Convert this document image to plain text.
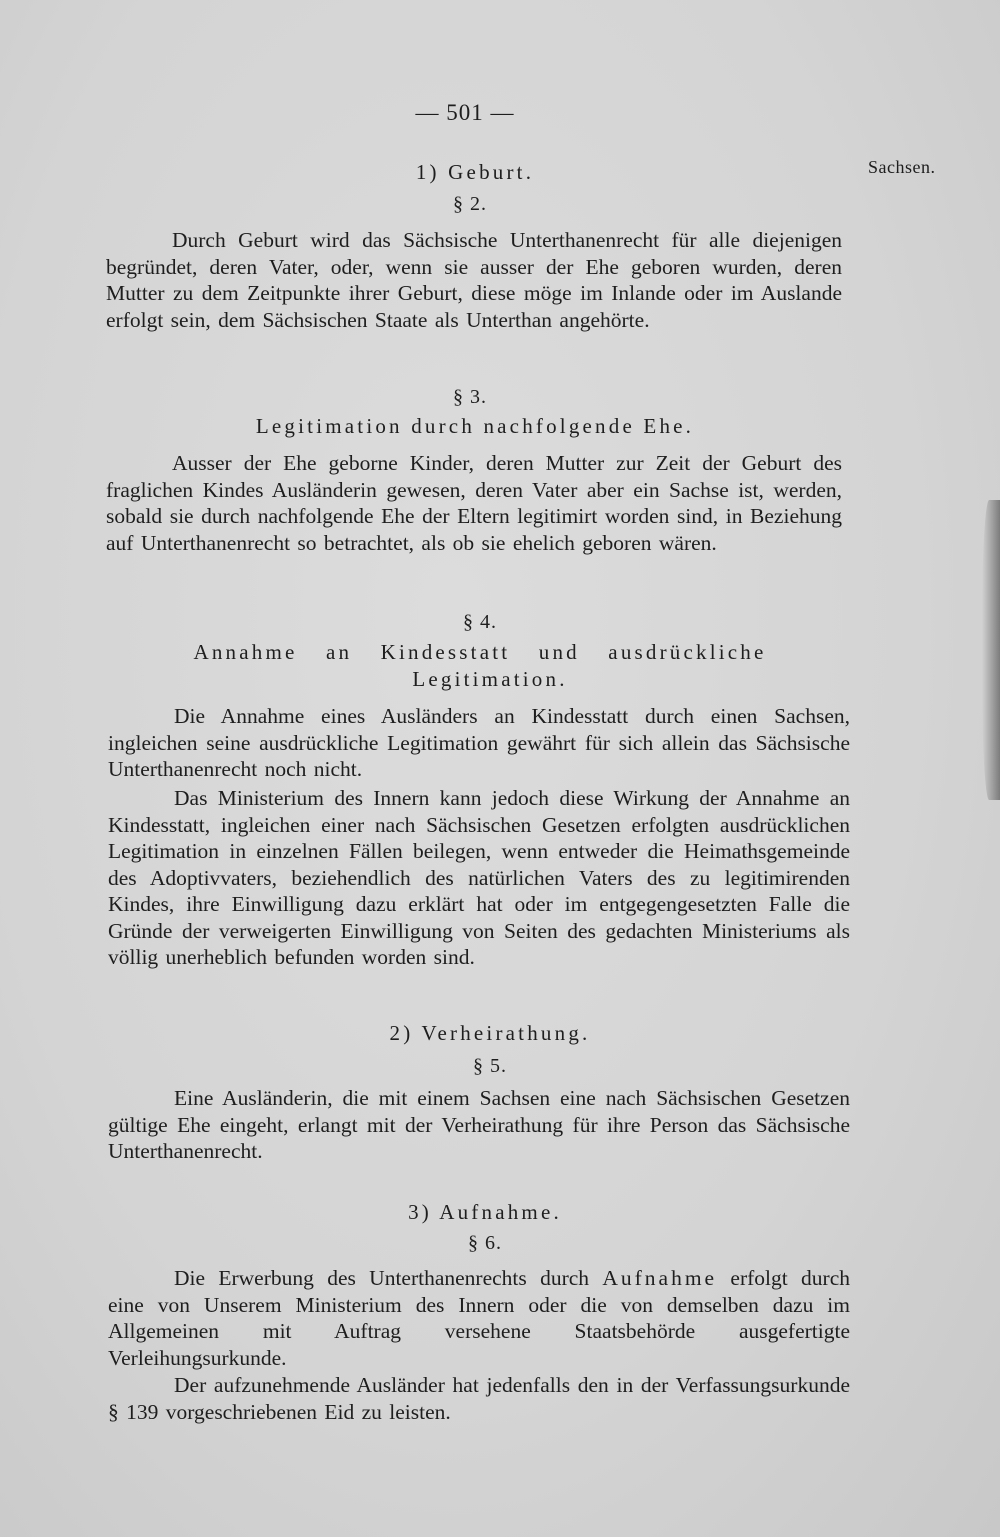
— 501 —
Sachsen.
1) Geburt.
§ 2.
Durch Geburt wird das Sächsische Unterthanenrecht für alle diejenigen begründet, deren Vater, oder, wenn sie ausser der Ehe geboren wurden, deren Mutter zu dem Zeitpunkte ihrer Geburt, diese möge im Inlande oder im Auslande erfolgt sein, dem Sächsischen Staate als Unterthan angehörte.
§ 3.
Legitimation durch nachfolgende Ehe.
Ausser der Ehe geborne Kinder, deren Mutter zur Zeit der Geburt des fraglichen Kindes Ausländerin gewesen, deren Vater aber ein Sachse ist, werden, sobald sie durch nachfolgende Ehe der Eltern legitimirt worden sind, in Beziehung auf Unterthanenrecht so betrachtet, als ob sie ehelich geboren wären.
§ 4.
Annahme an Kindesstatt und ausdrückliche
Legitimation.
Die Annahme eines Ausländers an Kindesstatt durch einen Sachsen, ingleichen seine ausdrückliche Legitimation gewährt für sich allein das Sächsische Unterthanenrecht noch nicht.
Das Ministerium des Innern kann jedoch diese Wirkung der Annahme an Kindesstatt, ingleichen einer nach Sächsischen Gesetzen erfolgten ausdrücklichen Legitimation in einzelnen Fällen beilegen, wenn entweder die Heimathsgemeinde des Adoptivvaters, beziehendlich des natürlichen Vaters des zu legitimirenden Kindes, ihre Einwilligung dazu erklärt hat oder im entgegengesetzten Falle die Gründe der verweigerten Einwilligung von Seiten des gedachten Ministeriums als völlig unerheblich befunden worden sind.
2) Verheirathung.
§ 5.
Eine Ausländerin, die mit einem Sachsen eine nach Sächsischen Gesetzen gültige Ehe eingeht, erlangt mit der Verheirathung für ihre Person das Sächsische Unterthanenrecht.
3) Aufnahme.
§ 6.
Die Erwerbung des Unterthanenrechts durch Aufnahme erfolgt durch eine von Unserem Ministerium des Innern oder die von demselben dazu im Allgemeinen mit Auftrag versehene Staatsbehörde ausgefertigte Verleihungsurkunde.
Der aufzunehmende Ausländer hat jedenfalls den in der Verfassungsurkunde § 139 vorgeschriebenen Eid zu leisten.
